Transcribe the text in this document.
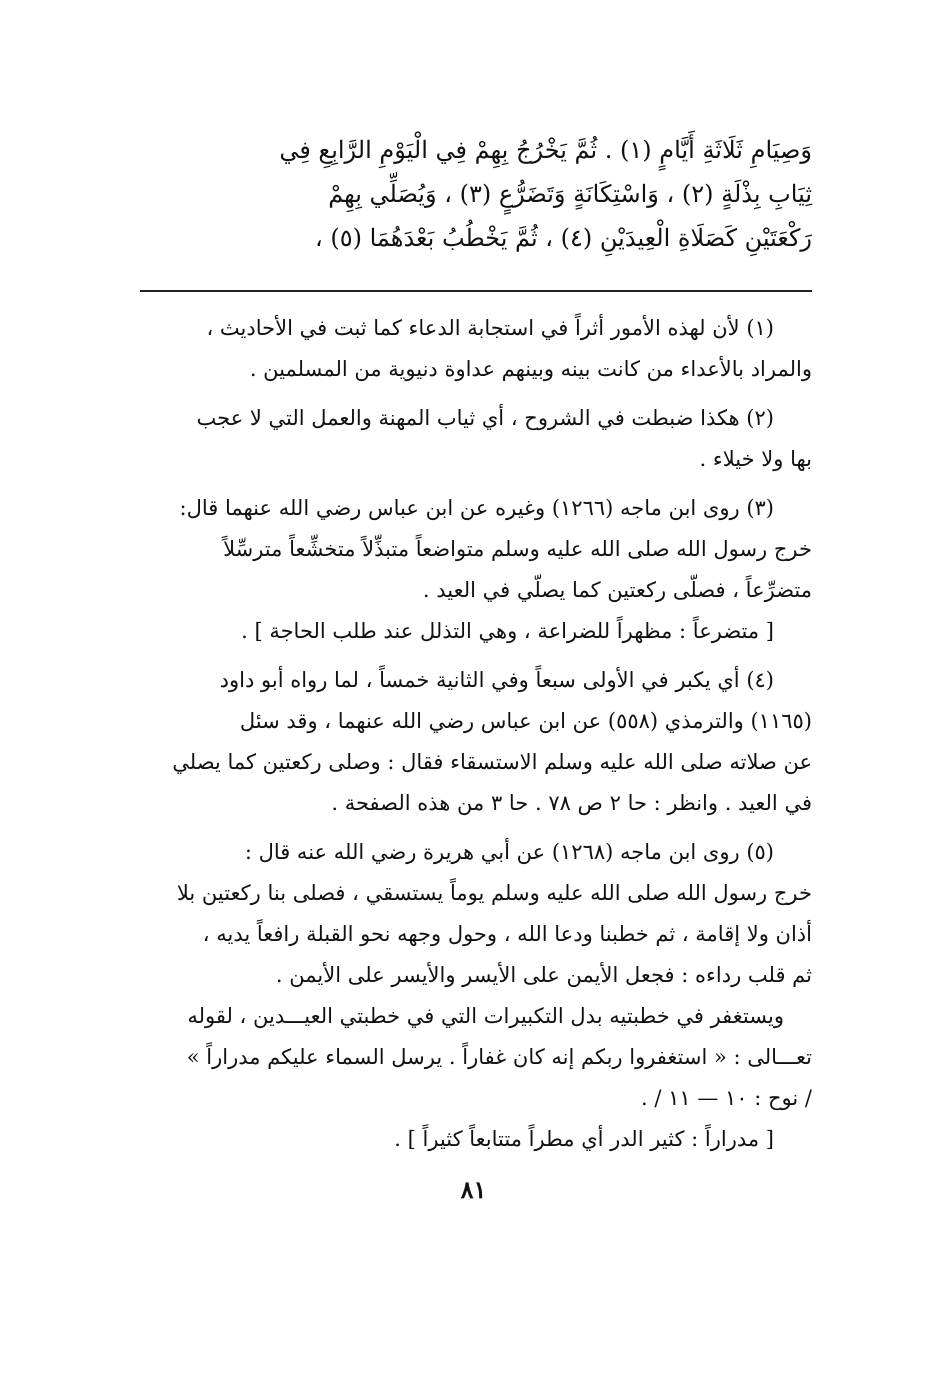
وَصِيَامِ ثَلَاثَةِ أَيَّامٍ (١) . ثُمَّ يَخْرُجُ بِهِمْ فِي الْيَوْمِ الرَّابِعِ فِي

ثِيَابِ بِذْلَةٍ (٢) ، وَاسْتِكَانَةٍ وَتَضَرُّعٍ (٣) ، وَيُصَلِّي بِهِمْ

رَكْعَتَيْنِ كَصَلَاةِ الْعِيدَيْنِ (٤) ، ثُمَّ يَخْطُبُ بَعْدَهُمَا (٥) ،

(١) لأن لهذه الأمور أثراً في استجابة الدعاء كما ثبت في الأحاديث ،

والمراد بالأعداء من كانت بينه وبينهم عداوة دنيوية من المسلمين .

(٢) هكذا ضبطت في الشروح ، أي ثياب المهنة والعمل التي لا عجب

بها ولا خيلاء .

(٣) روى ابن ماجه (١٢٦٦) وغيره عن ابن عباس رضي الله عنهما قال:

خرج رسول الله صلى الله عليه وسلم متواضعاً متبذِّلاً متخشِّعاً مترسِّلاً

متضرِّعاً ، فصلّى ركعتين كما يصلّي في العيد .

[ متضرعاً : مظهراً للضراعة ، وهي التذلل عند طلب الحاجة ] .

(٤) أي يكبر في الأولى سبعاً وفي الثانية خمساً ، لما رواه أبو داود

(١١٦٥) والترمذي (٥٥٨) عن ابن عباس رضي الله عنهما ، وقد سئل

عن صلاته صلى الله عليه وسلم الاستسقاء فقال : وصلى ركعتين كما يصلي

في العيد . وانظر : حا ٢ ص ٧٨ . حا ٣ من هذه الصفحة .

(٥) روى ابن ماجه (١٢٦٨) عن أبي هريرة رضي الله عنه قال :

خرج رسول الله صلى الله عليه وسلم يوماً يستسقي ، فصلى بنا ركعتين بلا

أذان ولا إقامة ، ثم خطبنا ودعا الله ، وحول وجهه نحو القبلة رافعاً يديه ،

ثم قلب رداءه : فجعل الأيمن على الأيسر والأيسر على الأيمن .

ويستغفر في خطبتيه بدل التكبيرات التي في خطبتي العيـــدين ، لقوله

تعـــالى : « استغفروا ربكم إنه كان غفاراً . يرسل السماء عليكم مدراراً »

/ نوح : ١٠ — ١١ / .

[ مدراراً : كثير الدر أي مطراً متتابعاً كثيراً ] .

٨١
